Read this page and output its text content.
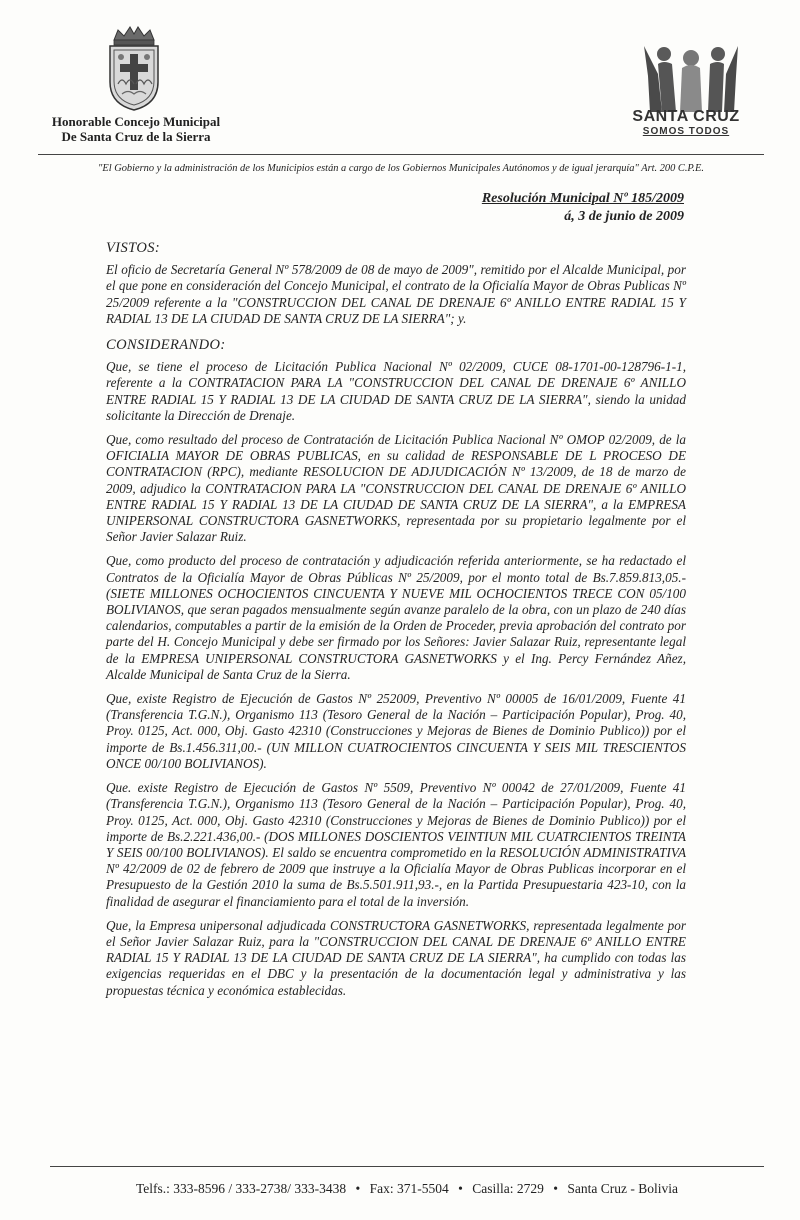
Honorable Concejo Municipal
De Santa Cruz de la Sierra
SANTA CRUZ
SOMOS TODOS
"El Gobierno y la administración de los Municipios están a cargo de los Gobiernos Municipales Autónomos y de igual jerarquía" Art. 200 C.P.E.
Resolución Municipal Nº 185/2009
á, 3 de junio de 2009
VISTOS:

El oficio de Secretaría General Nº 578/2009 de 08 de mayo de 2009", remitido por el Alcalde Municipal, por el que pone en consideración del Concejo Municipal, el contrato de la Oficialía Mayor de Obras Publicas Nº 25/2009 referente a la "CONSTRUCCION DEL CANAL DE DRENAJE 6º ANILLO ENTRE RADIAL 15 Y RADIAL 13 DE LA CIUDAD DE SANTA CRUZ DE LA SIERRA"; y.

CONSIDERANDO:

Que, se tiene el proceso de Licitación Publica Nacional Nº 02/2009, CUCE 08-1701-00-128796-1-1, referente a la CONTRATACION PARA LA "CONSTRUCCION DEL CANAL DE DRENAJE 6º ANILLO ENTRE RADIAL 15 Y RADIAL 13 DE LA CIUDAD DE SANTA CRUZ DE LA SIERRA", siendo la unidad solicitante la Dirección de Drenaje.

Que, como resultado del proceso de Contratación de Licitación Publica Nacional Nº OMOP 02/2009, de la OFICIALIA MAYOR DE OBRAS PUBLICAS, en su calidad de RESPONSABLE DE L PROCESO DE CONTRATACION (RPC), mediante RESOLUCION DE ADJUDICACIÓN Nº 13/2009, de 18 de marzo de 2009, adjudico la CONTRATACION PARA LA "CONSTRUCCION DEL CANAL DE DRENAJE 6º ANILLO ENTRE RADIAL 15 Y RADIAL 13 DE LA CIUDAD DE SANTA CRUZ DE LA SIERRA", a la EMPRESA UNIPERSONAL CONSTRUCTORA GASNETWORKS, representada por su propietario legalmente por el Señor Javier Salazar Ruiz.

Que, como producto del proceso de contratación y adjudicación referida anteriormente, se ha redactado el Contratos de la Oficialía Mayor de Obras Públicas Nº 25/2009, por el monto total de Bs.7.859.813,05.- (SIETE MILLONES OCHOCIENTOS CINCUENTA Y NUEVE MIL OCHOCIENTOS TRECE CON 05/100 BOLIVIANOS, que seran pagados mensualmente según avanze paralelo de la obra, con un plazo de 240 días calendarios, computables a partir de la emisión de la Orden de Proceder, previa aprobación del contrato por parte del H. Concejo Municipal y debe ser firmado por los Señores: Javier Salazar Ruiz, representante legal de la EMPRESA UNIPERSONAL CONSTRUCTORA GASNETWORKS y el Ing. Percy Fernández Añez, Alcalde Municipal de Santa Cruz de la Sierra.

Que, existe Registro de Ejecución de Gastos Nº 252009, Preventivo Nº 00005 de 16/01/2009, Fuente 41 (Transferencia T.G.N.), Organismo 113 (Tesoro General de la Nación – Participación Popular), Prog. 40, Proy. 0125, Act. 000, Obj. Gasto 42310 (Construcciones y Mejoras de Bienes de Dominio Publico)) por el importe de Bs.1.456.311,00.- (UN MILLON CUATROCIENTOS CINCUENTA Y SEIS MIL TRESCIENTOS ONCE 00/100 BOLIVIANOS).

Que. existe Registro de Ejecución de Gastos Nº 5509, Preventivo Nº 00042 de 27/01/2009, Fuente 41 (Transferencia T.G.N.), Organismo 113 (Tesoro General de la Nación – Participación Popular), Prog. 40, Proy. 0125, Act. 000, Obj. Gasto 42310 (Construcciones y Mejoras de Bienes de Dominio Publico)) por el importe de Bs.2.221.436,00.- (DOS MILLONES DOSCIENTOS VEINTIUN MIL CUATRCIENTOS TREINTA Y SEIS 00/100 BOLIVIANOS). El saldo se encuentra comprometido en la RESOLUCIÓN ADMINISTRATIVA Nº 42/2009 de 02 de febrero de 2009 que instruye a la Oficialía Mayor de Obras Publicas incorporar en el Presupuesto de la Gestión 2010 la suma de Bs.5.501.911,93.-, en la Partida Presupuestaria 423-10, con la finalidad de asegurar el financiamiento para el total de la inversión.

Que, la Empresa unipersonal adjudicada CONSTRUCTORA GASNETWORKS, representada legalmente por el Señor Javier Salazar Ruiz, para la "CONSTRUCCION DEL CANAL DE DRENAJE 6º ANILLO ENTRE RADIAL 15 Y RADIAL 13 DE LA CIUDAD DE SANTA CRUZ DE LA SIERRA", ha cumplido con todas las exigencias requeridas en el DBC y la presentación de la documentación legal y administrativa y las propuestas técnica y económica establecidas.

Telfs.: 333-8596 / 333-2738/ 333-3438 • Fax: 371-5504 • Casilla: 2729 • Santa Cruz - Bolivia
